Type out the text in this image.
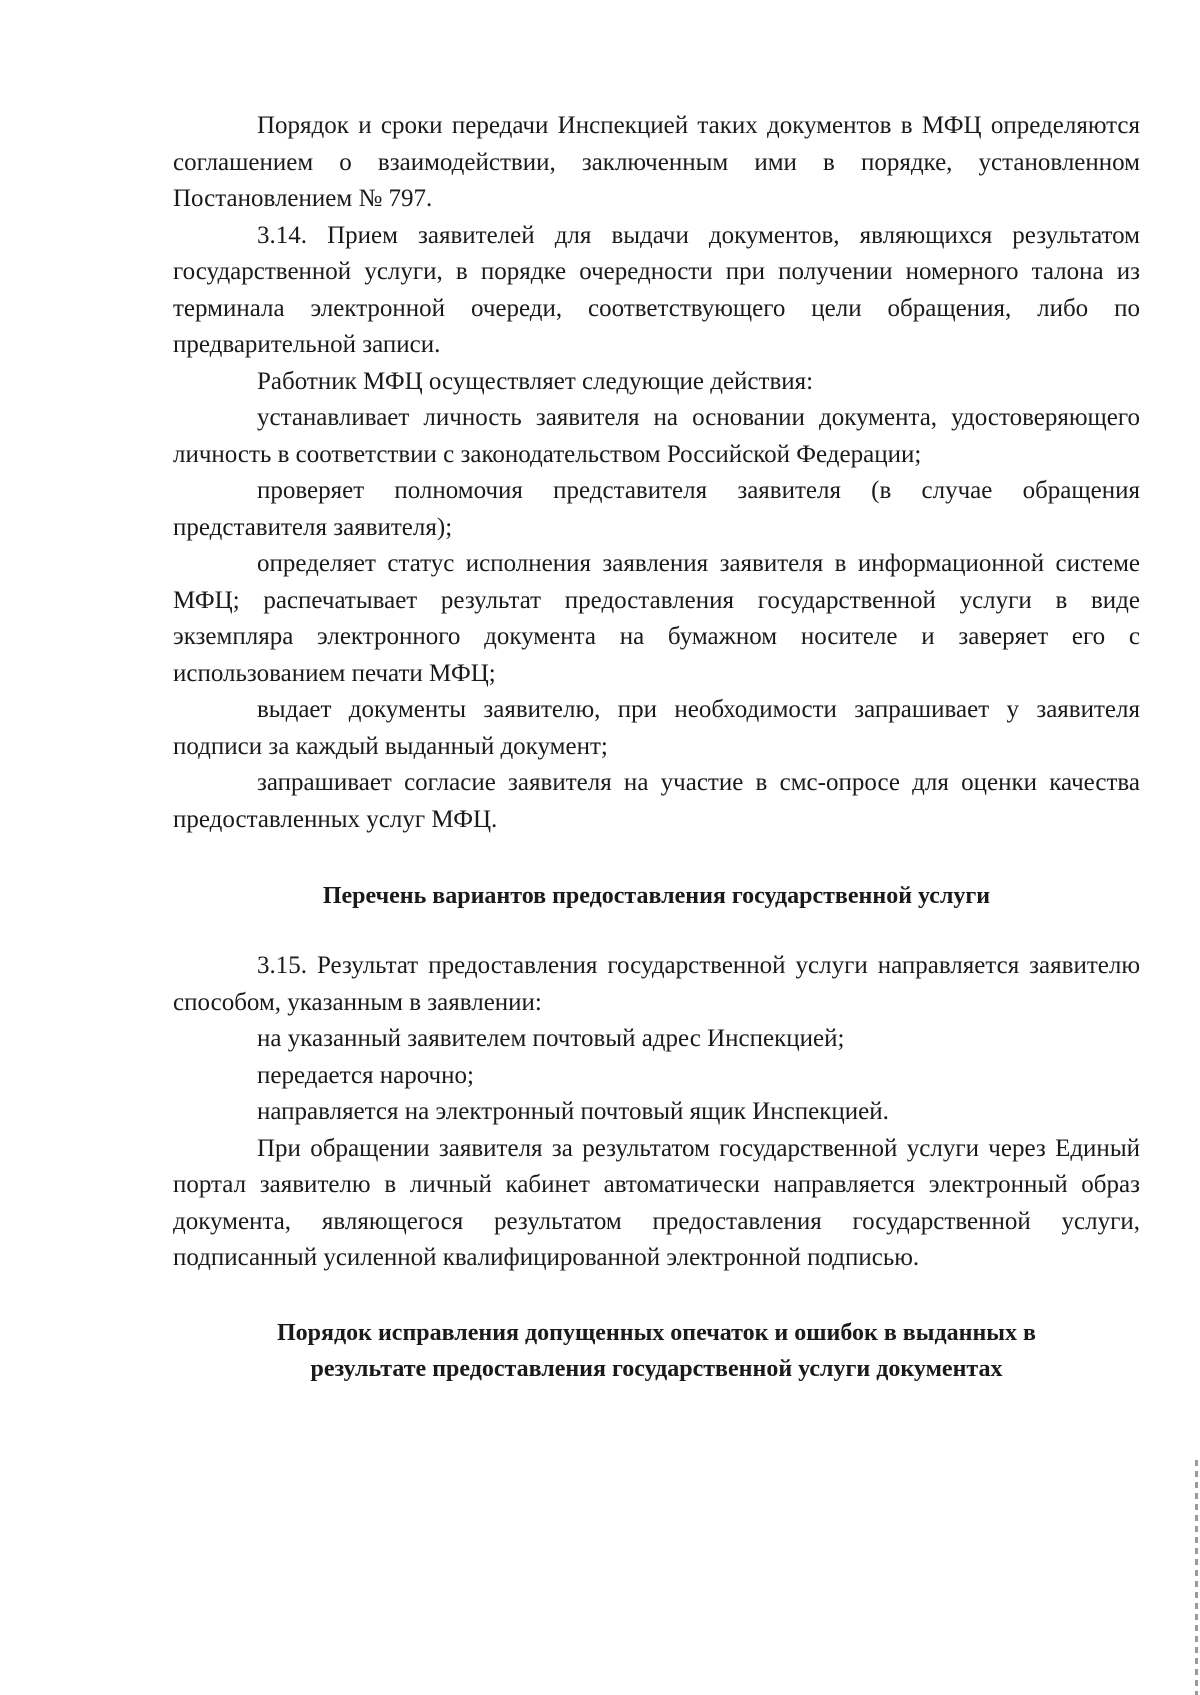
Порядок и сроки передачи Инспекцией таких документов в МФЦ определяются соглашением о взаимодействии, заключенным ими в порядке, установленном Постановлением № 797.

3.14. Прием заявителей для выдачи документов, являющихся результатом государственной услуги, в порядке очередности при получении номерного талона из терминала электронной очереди, соответствующего цели обращения, либо по предварительной записи.

Работник МФЦ осуществляет следующие действия:

устанавливает личность заявителя на основании документа, удостоверяющего личность в соответствии с законодательством Российской Федерации;

проверяет полномочия представителя заявителя (в случае обращения представителя заявителя);

определяет статус исполнения заявления заявителя в информационной системе МФЦ; распечатывает результат предоставления государственной услуги в виде экземпляра электронного документа на бумажном носителе и заверяет его с использованием печати МФЦ;

выдает документы заявителю, при необходимости запрашивает у заявителя подписи за каждый выданный документ;

запрашивает согласие заявителя на участие в смс-опросе для оценки качества предоставленных услуг МФЦ.

Перечень вариантов предоставления государственной услуги

3.15. Результат предоставления государственной услуги направляется заявителю способом, указанным в заявлении:

на указанный заявителем почтовый адрес Инспекцией;

передается нарочно;

направляется на электронный почтовый ящик Инспекцией.

При обращении заявителя за результатом государственной услуги через Единый портал заявителю в личный кабинет автоматически направляется электронный образ документа, являющегося результатом предоставления государственной услуги, подписанный усиленной квалифицированной электронной подписью.

Порядок исправления допущенных опечаток и ошибок в выданных в
результате предоставления государственной услуги документах
